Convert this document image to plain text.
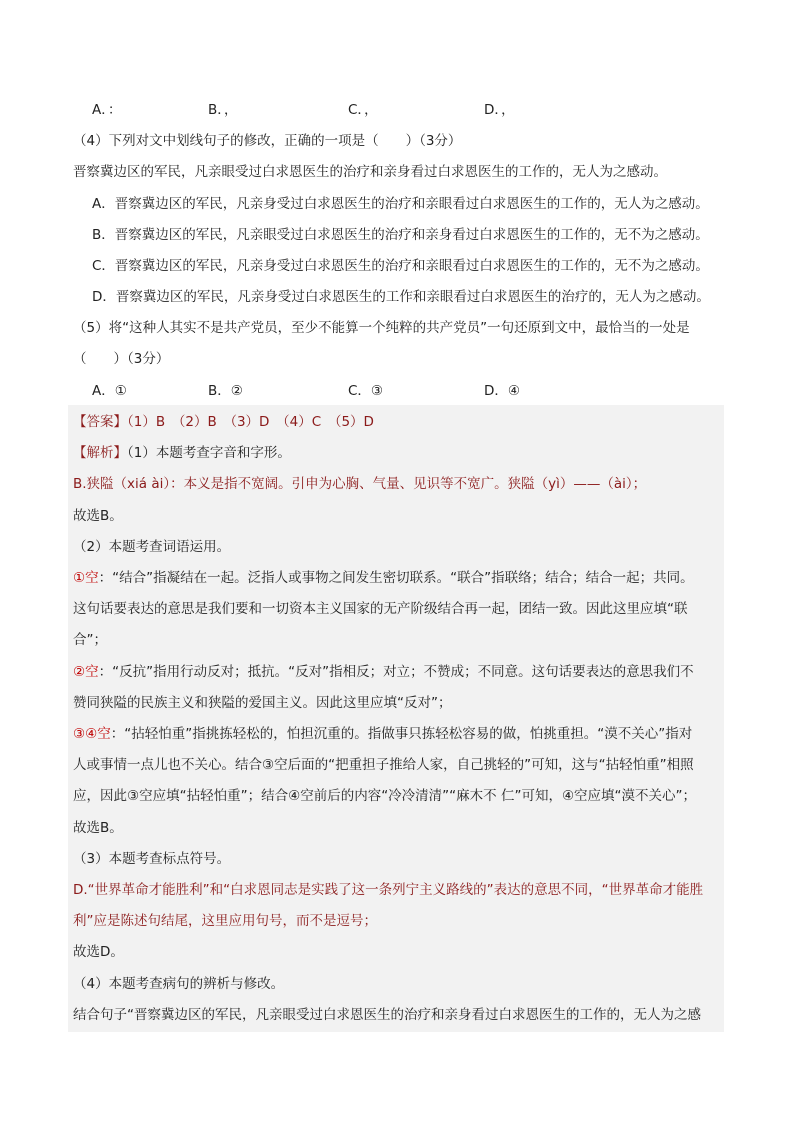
A．：	B．，	C．，	D．，
（4）下列对文中划线句子的修改，正确的一项是（　　）（3分）
晋察冀边区的军民，凡亲眼受过白求恩医生的治疗和亲身看过白求恩医生的工作的，无人为之感动。
A．晋察冀边区的军民，凡亲身受过白求恩医生的治疗和亲眼看过白求恩医生的工作的，无人为之感动。
B．晋察冀边区的军民，凡亲眼受过白求恩医生的治疗和亲身看过白求恩医生的工作的，无不为之感动。
C．晋察冀边区的军民，凡亲身受过白求恩医生的治疗和亲眼看过白求恩医生的工作的，无不为之感动。
D．晋察冀边区的军民，凡亲身受过白求恩医生的工作和亲眼看过白求恩医生的治疗的，无人为之感动。
（5）将“这种人其实不是共产党员，至少不能算一个纯粹的共产党员”一句还原到文中，最恰当的一处是
（　　）（3分）
A．①	B．②	C．③	D．④
【答案】（1）B　（2）B　（3）D　（4）C　（5）D
【解析】（1）本题考查字音和字形。
B.狭隘（xiá ài）：本义是指不宽阔。引申为心胸、气量、见识等不宽广。狭隘（yì）——（ài）；
故选B。
（2）本题考查词语运用。
①空：“结合”指凝结在一起。泛指人或事物之间发生密切联系。“联合”指联络；结合；结合一起；共同。
这句话要表达的意思是我们要和一切资本主义国家的无产阶级结合再一起，团结一致。因此这里应填“联
合”；
②空：“反抗”指用行动反对；抵抗。“反对”指相反；对立；不赞成；不同意。这句话要表达的意思我们不
赞同狭隘的民族主义和狭隘的爱国主义。因此这里应填“反对”；
③④空：“拈轻怕重”指挑拣轻松的，怕担沉重的。指做事只拣轻松容易的做，怕挑重担。“漠不关心”指对
人或事情一点儿也不关心。结合③空后面的“把重担子推给人家，自己挑轻的”可知，这与“拈轻怕重”相照
应，因此③空应填“拈轻怕重”；结合④空前后的内容“冷冷清清”“麻木不 仁”可知，④空应填“漠不关心”；
故选B。
（3）本题考查标点符号。
D.“世界革命才能胜利”和“白求恩同志是实践了这一条列宁主义路线的”表达的意思不同，“世界革命才能胜
利”应是陈述句结尾，这里应用句号，而不是逗号；
故选D。
（4）本题考查病句的辨析与修改。
结合句子“晋察冀边区的军民，凡亲眼受过白求恩医生的治疗和亲身看过白求恩医生的工作的，无人为之感
